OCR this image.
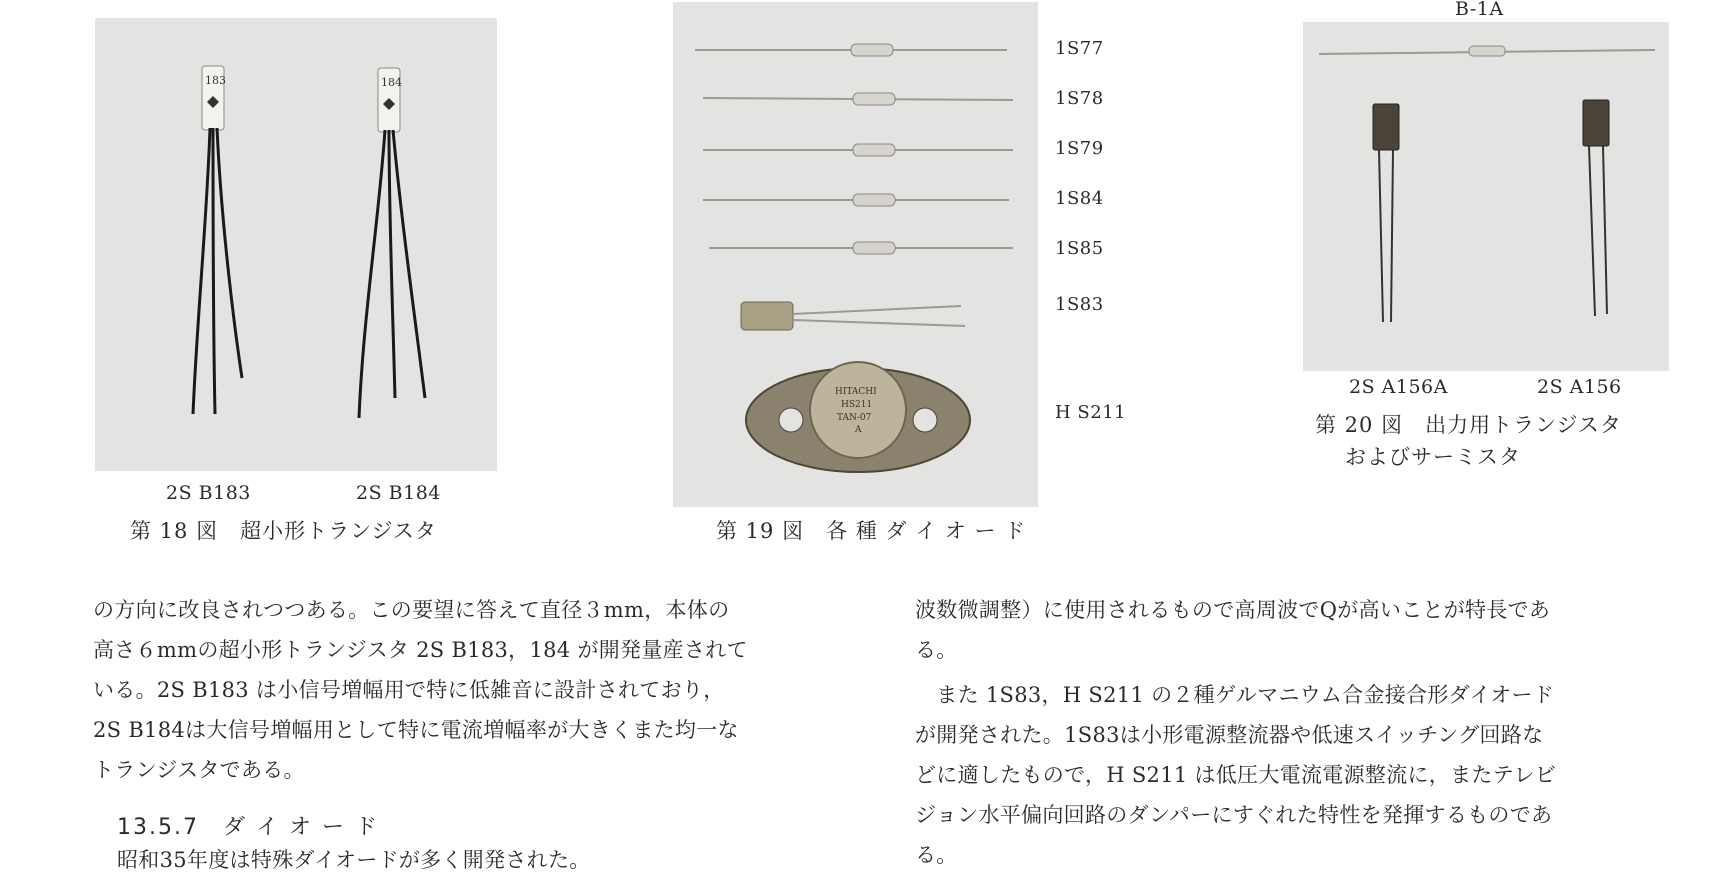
183	184
2S B183	2S B184
第 18 図　超小形トランジスタ
HITACHI
HS211
TAN-07
A
1S77
1S78
1S79
1S84
1S85
1S83
H S211
第 19 図　各 種 ダ イ オ ー ド
B-1A
2S A156A	2S A156
第 20 図　出力用トランジスタ
およびサーミスタ
の方向に改良されつつある。この要望に答えて直径３mm，本体の
高さ６mmの超小形トランジスタ 2S B183，184 が開発量産されて
いる。2S B183 は小信号増幅用で特に低雑音に設計されており，
2S B184は大信号増幅用として特に電流増幅率が大きくまた均一な
トランジスタである。
13.5.7　ダ イ オ ー ド
昭和35年度は特殊ダイオードが多く開発された。
波数微調整）に使用されるもので高周波でQが高いことが特長であ
る。
　また 1S83，H S211 の２種ゲルマニウム合金接合形ダイオード
が開発された。1S83は小形電源整流器や低速スイッチング回路な
どに適したもので，H S211 は低圧大電流電源整流に，またテレビ
ジョン水平偏向回路のダンパーにすぐれた特性を発揮するものであ
る。
